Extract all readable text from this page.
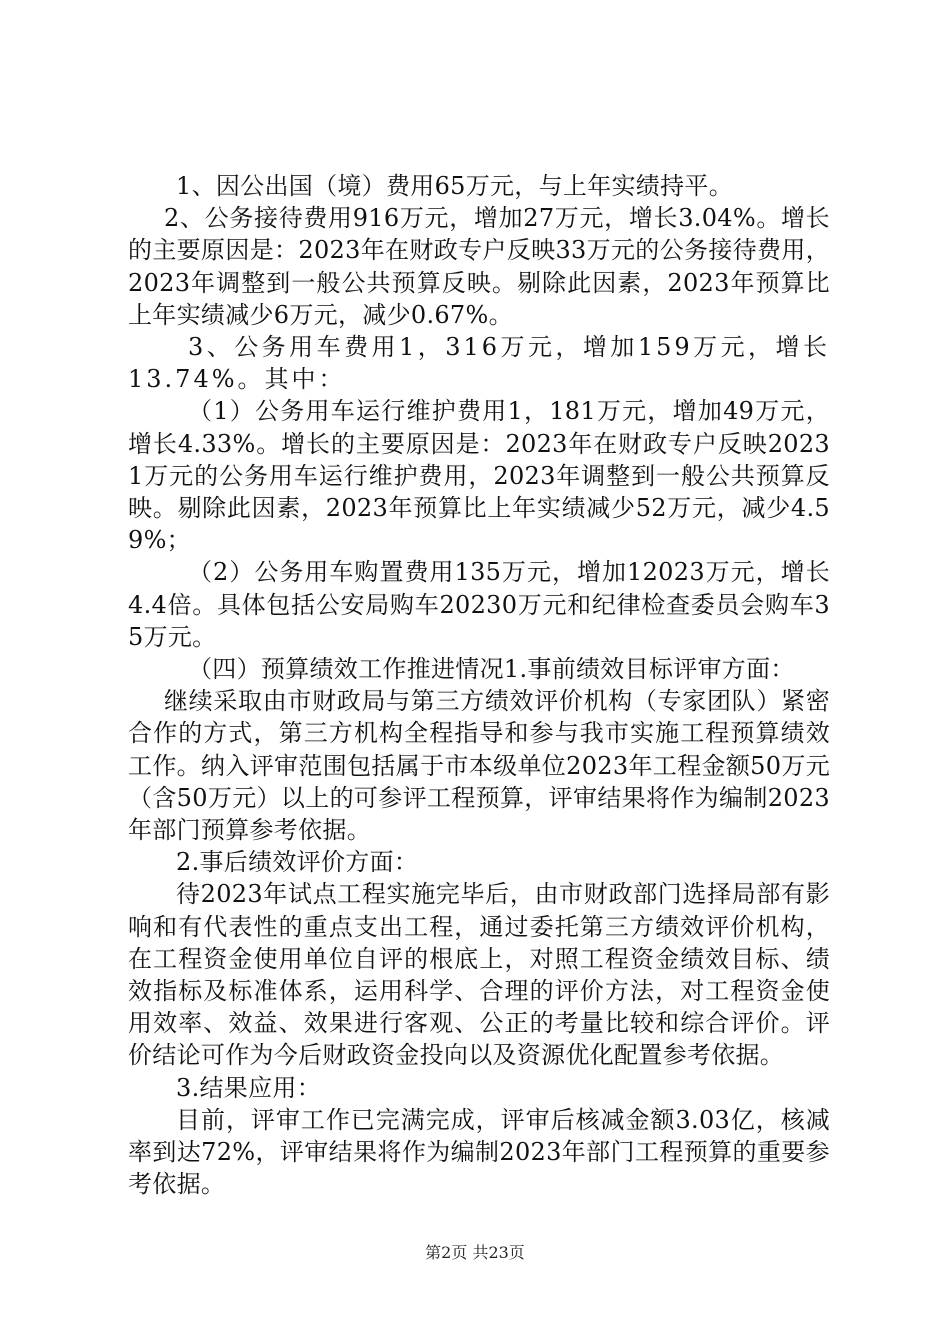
1、因公出国（境）费用65万元，与上年实绩持平。

2、公务接待费用916万元，增加27万元，增长3.04%。增长的主要原因是：2023年在财政专户反映33万元的公务接待费用，2023年调整到一般公共预算反映。剔除此因素，2023年预算比上年实绩减少6万元，减少0.67%。

3、公务用车费用1，316万元，增加159万元，增长13.74%。其中：

（1）公务用车运行维护费用1，181万元，增加49万元，增长4.33%。增长的主要原因是：2023年在财政专户反映20231万元的公务用车运行维护费用，2023年调整到一般公共预算反映。剔除此因素，2023年预算比上年实绩减少52万元，减少4.59%；

（2）公务用车购置费用135万元，增加12023万元，增长4.4倍。具体包括公安局购车20230万元和纪律检查委员会购车35万元。

（四）预算绩效工作推进情况1.事前绩效目标评审方面：

继续采取由市财政局与第三方绩效评价机构（专家团队）紧密合作的方式，第三方机构全程指导和参与我市实施工程预算绩效工作。纳入评审范围包括属于市本级单位2023年工程金额50万元（含50万元）以上的可参评工程预算，评审结果将作为编制2023年部门预算参考依据。

2.事后绩效评价方面：

待2023年试点工程实施完毕后，由市财政部门选择局部有影响和有代表性的重点支出工程，通过委托第三方绩效评价机构，在工程资金使用单位自评的根底上，对照工程资金绩效目标、绩效指标及标准体系，运用科学、合理的评价方法，对工程资金使用效率、效益、效果进行客观、公正的考量比较和综合评价。评价结论可作为今后财政资金投向以及资源优化配置参考依据。

3.结果应用：

目前，评审工作已完满完成，评审后核减金额3.03亿，核减率到达72%，评审结果将作为编制2023年部门工程预算的重要参考依据。

第2页 共23页
